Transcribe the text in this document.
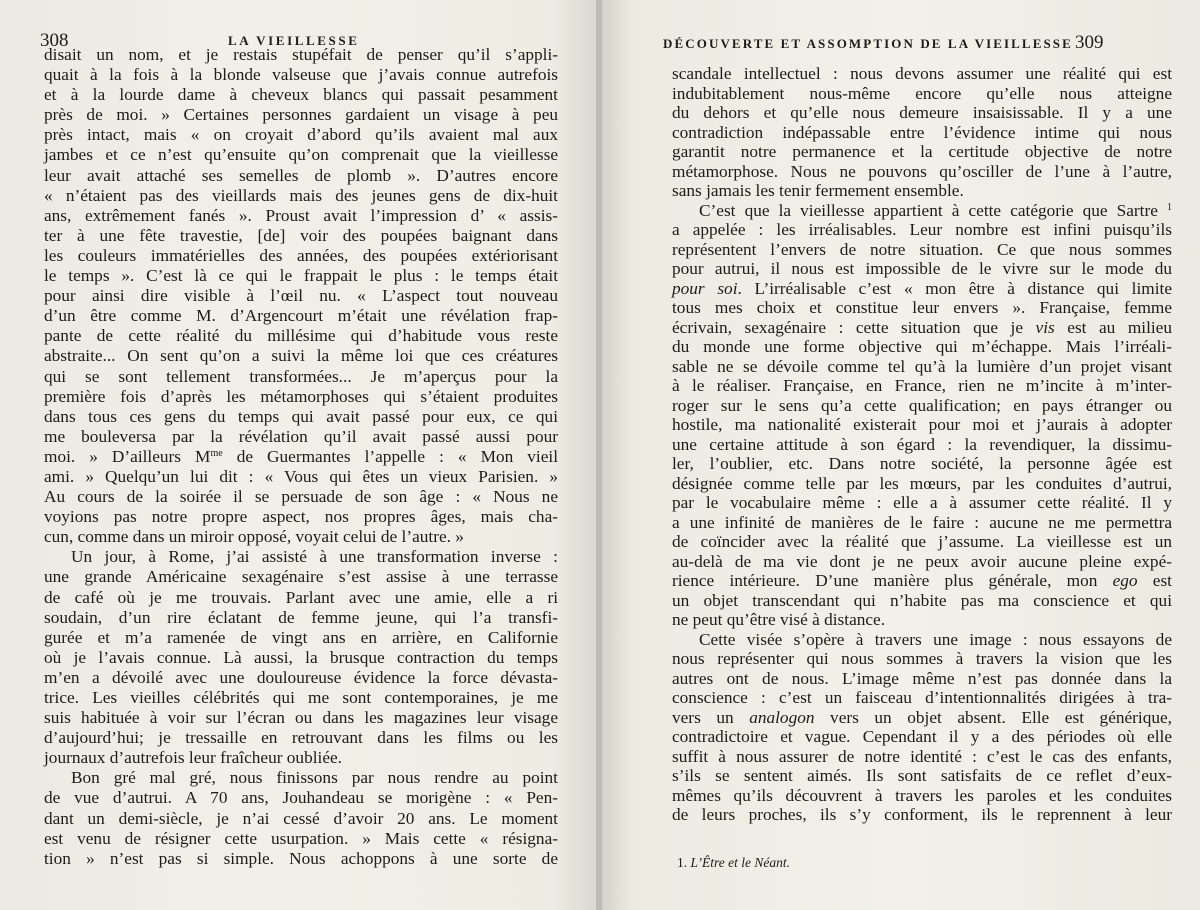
308	LA VIEILLESSE
disait un nom, et je restais stupéfait de penser qu’il s’appli-
quait à la fois à la blonde valseuse que j’avais connue autrefois
et à la lourde dame à cheveux blancs qui passait pesamment
près de moi. » Certaines personnes gardaient un visage à peu
près intact, mais « on croyait d’abord qu’ils avaient mal aux
jambes et ce n’est qu’ensuite qu’on comprenait que la vieillesse
leur avait attaché ses semelles de plomb ». D’autres encore
« n’étaient pas des vieillards mais des jeunes gens de dix-huit
ans, extrêmement fanés ». Proust avait l’impression d’ « assis-
ter à une fête travestie, [de] voir des poupées baignant dans
les couleurs immatérielles des années, des poupées extériorisant
le temps ». C’est là ce qui le frappait le plus : le temps était
pour ainsi dire visible à l’œil nu. « L’aspect tout nouveau
d’un être comme M. d’Argencourt m’était une révélation frap-
pante de cette réalité du millésime qui d’habitude vous reste
abstraite... On sent qu’on a suivi la même loi que ces créatures
qui se sont tellement transformées... Je m’aperçus pour la
première fois d’après les métamorphoses qui s’étaient produites
dans tous ces gens du temps qui avait passé pour eux, ce qui
me bouleversa par la révélation qu’il avait passé aussi pour
moi. » D’ailleurs $M^{me}$ de Guermantes l’appelle : « Mon vieil
ami. » Quelqu’un lui dit : « Vous qui êtes un vieux Parisien. »
Au cours de la soirée il se persuade de son âge : « Nous ne
voyions pas notre propre aspect, nos propres âges, mais cha-
cun, comme dans un miroir opposé, voyait celui de l’autre. »
Un jour, à Rome, j’ai assisté à une transformation inverse :
une grande Américaine sexagénaire s’est assise à une terrasse
de café où je me trouvais. Parlant avec une amie, elle a ri
soudain, d’un rire éclatant de femme jeune, qui l’a transfi-
gurée et m’a ramenée de vingt ans en arrière, en Californie
où je l’avais connue. Là aussi, la brusque contraction du temps
m’en a dévoilé avec une douloureuse évidence la force dévasta-
trice. Les vieilles célébrités qui me sont contemporaines, je me
suis habituée à voir sur l’écran ou dans les magazines leur visage
d’aujourd’hui; je tressaille en retrouvant dans les films ou les
journaux d’autrefois leur fraîcheur oubliée.
Bon gré mal gré, nous finissons par nous rendre au point
de vue d’autrui. A 70 ans, Jouhandeau se morigène : « Pen-
dant un demi-siècle, je n’ai cessé d’avoir 20 ans. Le moment
est venu de résigner cette usurpation. » Mais cette « résigna-
tion » n’est pas si simple. Nous achoppons à une sorte de
DÉCOUVERTE ET ASSOMPTION DE LA VIEILLESSE 309
scandale intellectuel : nous devons assumer une réalité qui est
indubitablement nous-même encore qu’elle nous atteigne
du dehors et qu’elle nous demeure insaisissable. Il y a une
contradiction indépassable entre l’évidence intime qui nous
garantit notre permanence et la certitude objective de notre
métamorphose. Nous ne pouvons qu’osciller de l’une à l’autre,
sans jamais les tenir fermement ensemble.
C’est que la vieillesse appartient à cette catégorie que Sartre $^1$
a appelée : les irréalisables. Leur nombre est infini puisqu’ils
représentent l’envers de notre situation. Ce que nous sommes
pour autrui, il nous est impossible de le vivre sur le mode du
pour soi. L’irréalisable c’est « mon être à distance qui limite
tous mes choix et constitue leur envers ». Française, femme
écrivain, sexagénaire : cette situation que je vis est au milieu
du monde une forme objective qui m’échappe. Mais l’irréali-
sable ne se dévoile comme tel qu’à la lumière d’un projet visant
à le réaliser. Française, en France, rien ne m’incite à m’inter-
roger sur le sens qu’a cette qualification; en pays étranger ou
hostile, ma nationalité existerait pour moi et j’aurais à adopter
une certaine attitude à son égard : la revendiquer, la dissimu-
ler, l’oublier, etc. Dans notre société, la personne âgée est
désignée comme telle par les mœurs, par les conduites d’autrui,
par le vocabulaire même : elle a à assumer cette réalité. Il y
a une infinité de manières de le faire : aucune ne me permettra
de coïncider avec la réalité que j’assume. La vieillesse est un
au-delà de ma vie dont je ne peux avoir aucune pleine expé-
rience intérieure. D’une manière plus générale, mon ego est
un objet transcendant qui n’habite pas ma conscience et qui
ne peut qu’être visé à distance.
Cette visée s’opère à travers une image : nous essayons de
nous représenter qui nous sommes à travers la vision que les
autres ont de nous. L’image même n’est pas donnée dans la
conscience : c’est un faisceau d’intentionnalités dirigées à tra-
vers un analogon vers un objet absent. Elle est générique,
contradictoire et vague. Cependant il y a des périodes où elle
suffit à nous assurer de notre identité : c’est le cas des enfants,
s’ils se sentent aimés. Ils sont satisfaits de ce reflet d’eux-
mêmes qu’ils découvrent à travers les paroles et les conduites
de leurs proches, ils s’y conforment, ils le reprennent à leur
1. L’Être et le Néant.
